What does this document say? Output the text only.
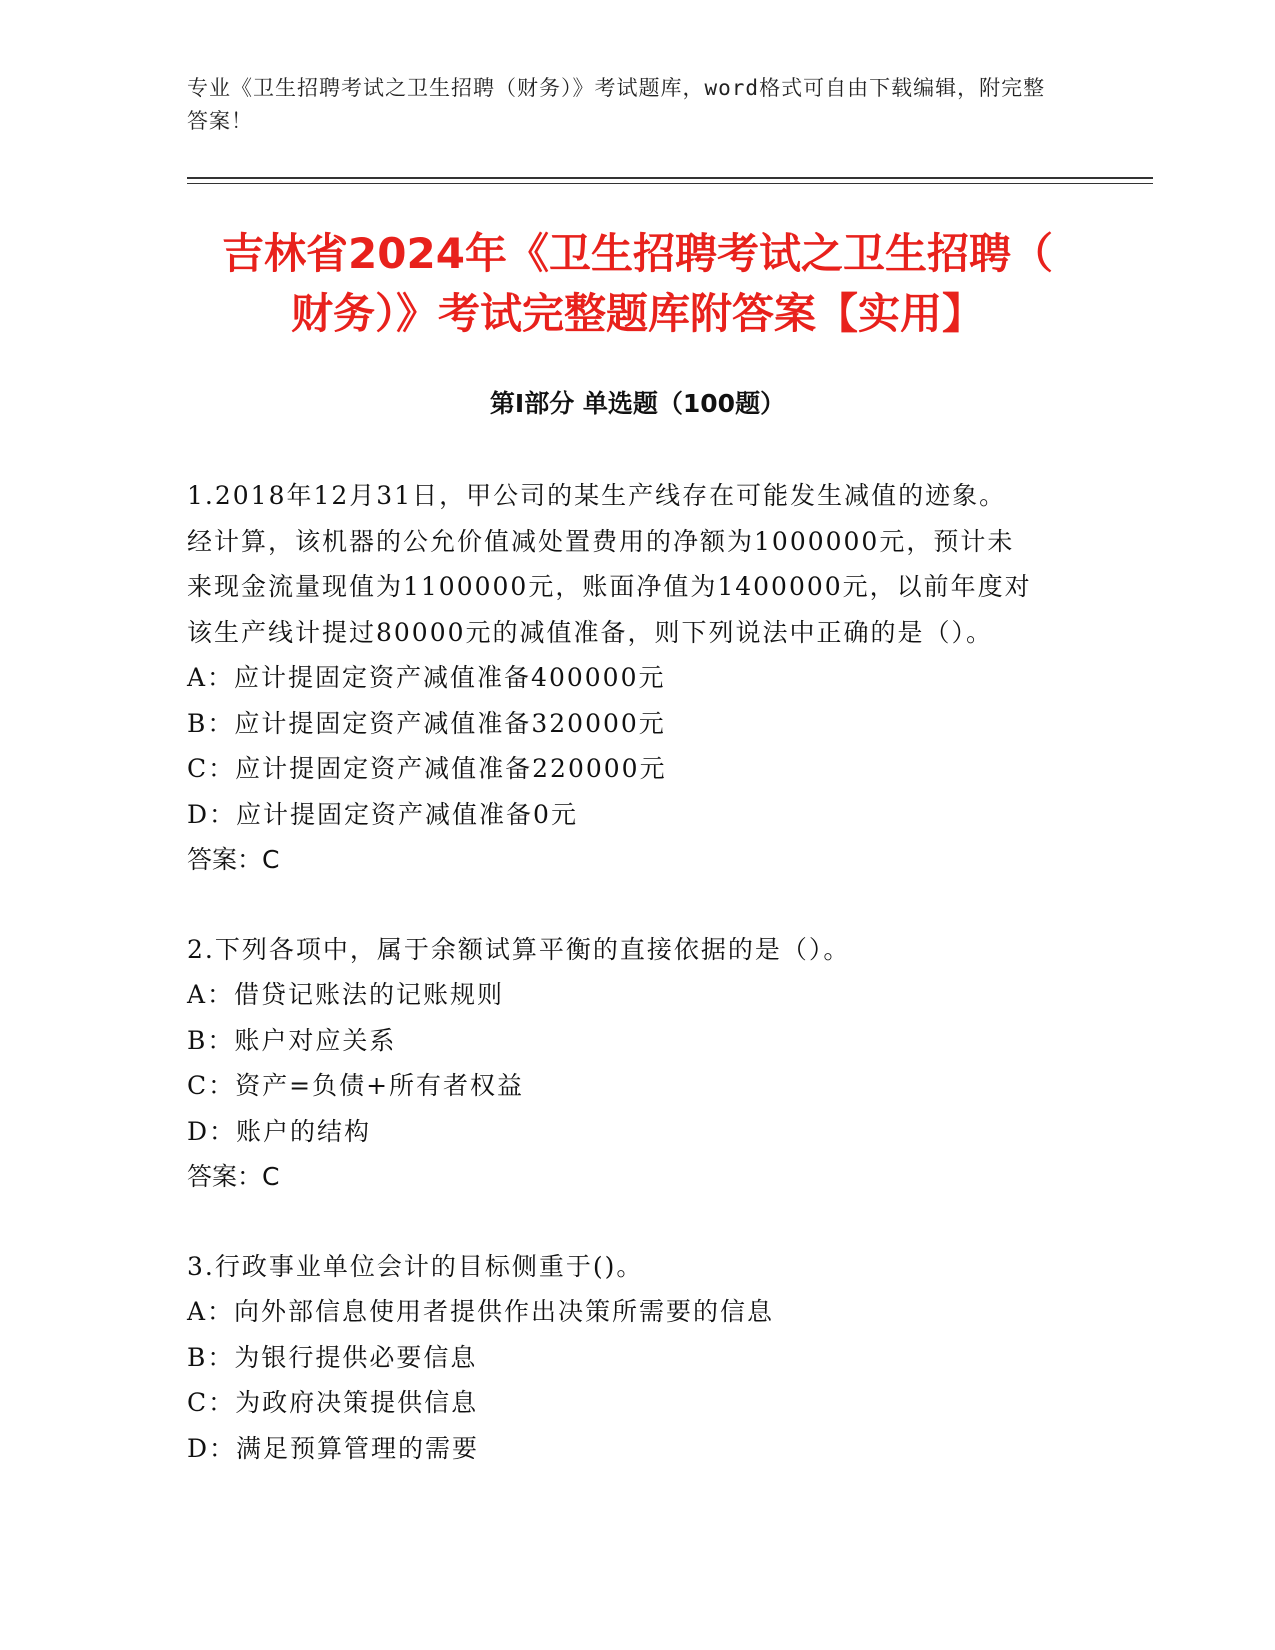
专业《卫生招聘考试之卫生招聘（财务）》考试题库，word格式可自由下载编辑，附完整答案！
吉林省2024年《卫生招聘考试之卫生招聘（
财务）》考试完整题库附答案【实用】
第I部分 单选题（100题）

1.2018年12月31日，甲公司的某生产线存在可能发生减值的迹象。

经计算，该机器的公允价值减处置费用的净额为1000000元，预计未

来现金流量现值为1100000元，账面净值为1400000元，以前年度对

该生产线计提过80000元的减值准备，则下列说法中正确的是（）。

A：应计提固定资产减值准备400000元

B：应计提固定资产减值准备320000元

C：应计提固定资产减值准备220000元

D：应计提固定资产减值准备0元

答案：C

2.下列各项中，属于余额试算平衡的直接依据的是（）。

A：借贷记账法的记账规则

B：账户对应关系

C：资产=负债+所有者权益

D：账户的结构

答案：C

3.行政事业单位会计的目标侧重于()。

A：向外部信息使用者提供作出决策所需要的信息

B：为银行提供必要信息

C：为政府决策提供信息

D：满足预算管理的需要
